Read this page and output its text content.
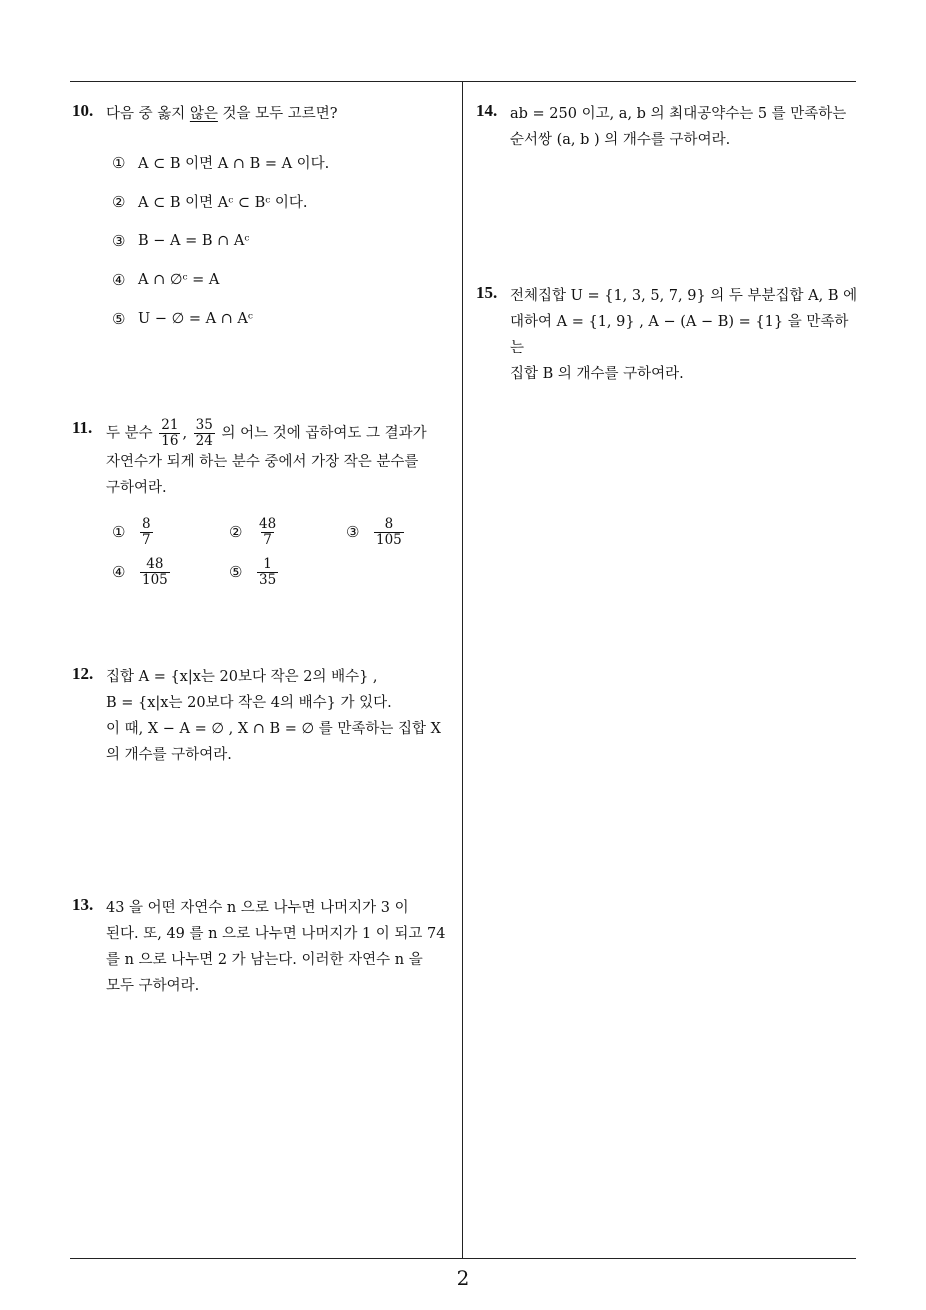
10. 다음 중 옳지 않은 것을 모두 고르면?

① A ⊂ B 이면 A ∩ B = A 이다.
② A ⊂ B 이면 Aᶜ ⊂ Bᶜ 이다.
③ B − A = B ∩ Aᶜ
④ A ∩ ∅ᶜ = A
⑤ U − ∅ = A ∩ Aᶜ
11. 두 분수 $\frac{21}{16}$ , $\frac{35}{24}$ 의 어느 것에 곱하여도 그 결과가

자연수가 되게 하는 분수 중에서 가장 작은 분수를

구하여라.

①	$\frac{8}{7}$	②	$\frac{48}{7}$	③	$\frac{8}{105}$
④	$\frac{48}{105}$	⑤	$\frac{1}{35}$
12. 집합 A = {x|x는 20보다 작은 2의 배수} ,

B = {x|x는 20보다 작은 4의 배수} 가 있다.

이 때, X − A = ∅ , X ∩ B = ∅ 를 만족하는 집합 X

의 개수를 구하여라.

13. 43 을 어떤 자연수 n 으로 나누면 나머지가 3 이

된다. 또, 49 를 n 으로 나누면 나머지가 1 이 되고 74

를 n 으로 나누면 2 가 남는다. 이러한 자연수 n 을

모두 구하여라.

14. ab = 250 이고, a, b 의 최대공약수는 5 를 만족하는

순서쌍 (a, b ) 의 개수를 구하여라.

15. 전체집합 U = {1, 3, 5, 7, 9} 의 두 부분집합 A, B 에

대하여 A = {1, 9} , A − (A − B) = {1} 을 만족하는

집합 B 의 개수를 구하여라.

2
